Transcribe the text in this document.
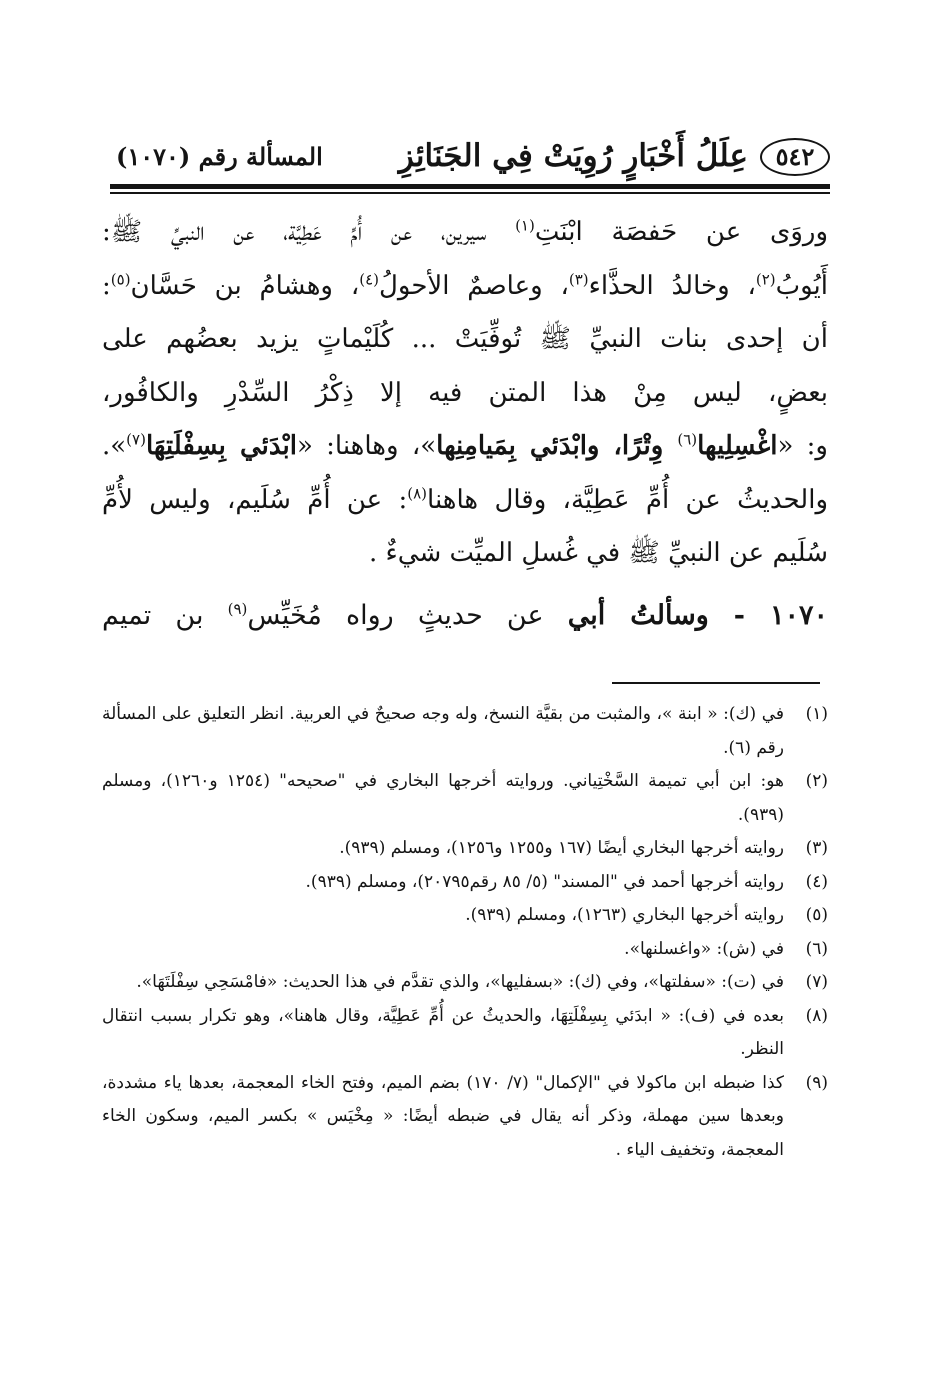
٥٤٢
عِلَلُ أَخْبَارٍ رُوِيَتْ فِي الجَنَائِزِ
المسألة رقم (١٠٧٠)
وروَى عن حَفصَة ابْنَتِ$^{(١)}$ سيرين، عن أُمِّ عَطِيَّة، عن النبيِّ ﷺ:
أَيُوبُ$^{(٢)}$، وخالدُ الحذَّاء$^{(٣)}$، وعاصمٌ الأحولُ$^{(٤)}$، وهشامُ بن حَسَّان$^{(٥)}$:
أن إحدى بنات النبيِّ ﷺ تُوفِّيَتْ ... كُلَيْماتٍ يزيد بعضُهم على
بعضٍ، ليس مِنْ هذا المتن فيه إلا ذِكْرُ السِّدْرِ والكافُور،
و: «اغْسِلِيها$^{(٦)}$ وِتْرًا، وابْدَئي بِمَيامِنِها»، وهاهنا: «ابْدَئي بِسِفْلَتِهَا$^{(٧)}$».
والحديثُ عن أُمِّ عَطِيَّة، وقال هاهنا$^{(٨)}$: عن أُمِّ سُلَيم، وليس لأُمِّ
سُلَيم عن النبيِّ ﷺ في غُسلِ الميِّت شيءٌ .
١٠٧٠ - وسألتُ أبي عن حديثٍ رواه مُخَيِّس$^{(٩)}$ بن تميم
(١)
في (ك): « ابنة »، والمثبت من بقيَّة النسخ، وله وجه صحيحٌ في العربية. انظر التعليق على المسألة رقم (٦).
(٢)
هو: ابن أبي تميمة السَّخْتِياني. وروايته أخرجها البخاري في "صحيحه" (١٢٥٤ و١٢٦٠)، ومسلم (٩٣٩).
(٣)
روايته أخرجها البخاري أيضًا (١٦٧ و١٢٥٥ و١٢٥٦)، ومسلم (٩٣٩).
(٤)
روايته أخرجها أحمد في "المسند" (٥/ ٨٥ رقم٢٠٧٩٥)، ومسلم (٩٣٩).
(٥)
روايته أخرجها البخاري (١٢٦٣)، ومسلم (٩٣٩).
(٦)
في (ش): «واغسلنها».
(٧)
في (ت): «سفلتها»، وفي (ك): «بسفليها»، والذي تقدَّم في هذا الحديث: «فامْسَحِي سِفْلَتَهَا».
(٨)
بعده في (ف): « ابدَئي بِسِفْلَتِهَا، والحديثُ عن أُمِّ عَطِيَّة، وقال هاهنا»، وهو تكرار بسبب انتقال النظر.
(٩)
كذا ضبطه ابن ماكولا في "الإكمال" (٧/ ١٧٠) بضم الميم، وفتح الخاء المعجمة، بعدها ياء مشددة، وبعدها سين مهملة، وذكر أنه يقال في ضبطه أيضًا: « مِخْيَس » بكسر الميم، وسكون الخاء المعجمة، وتخفيف الياء .
